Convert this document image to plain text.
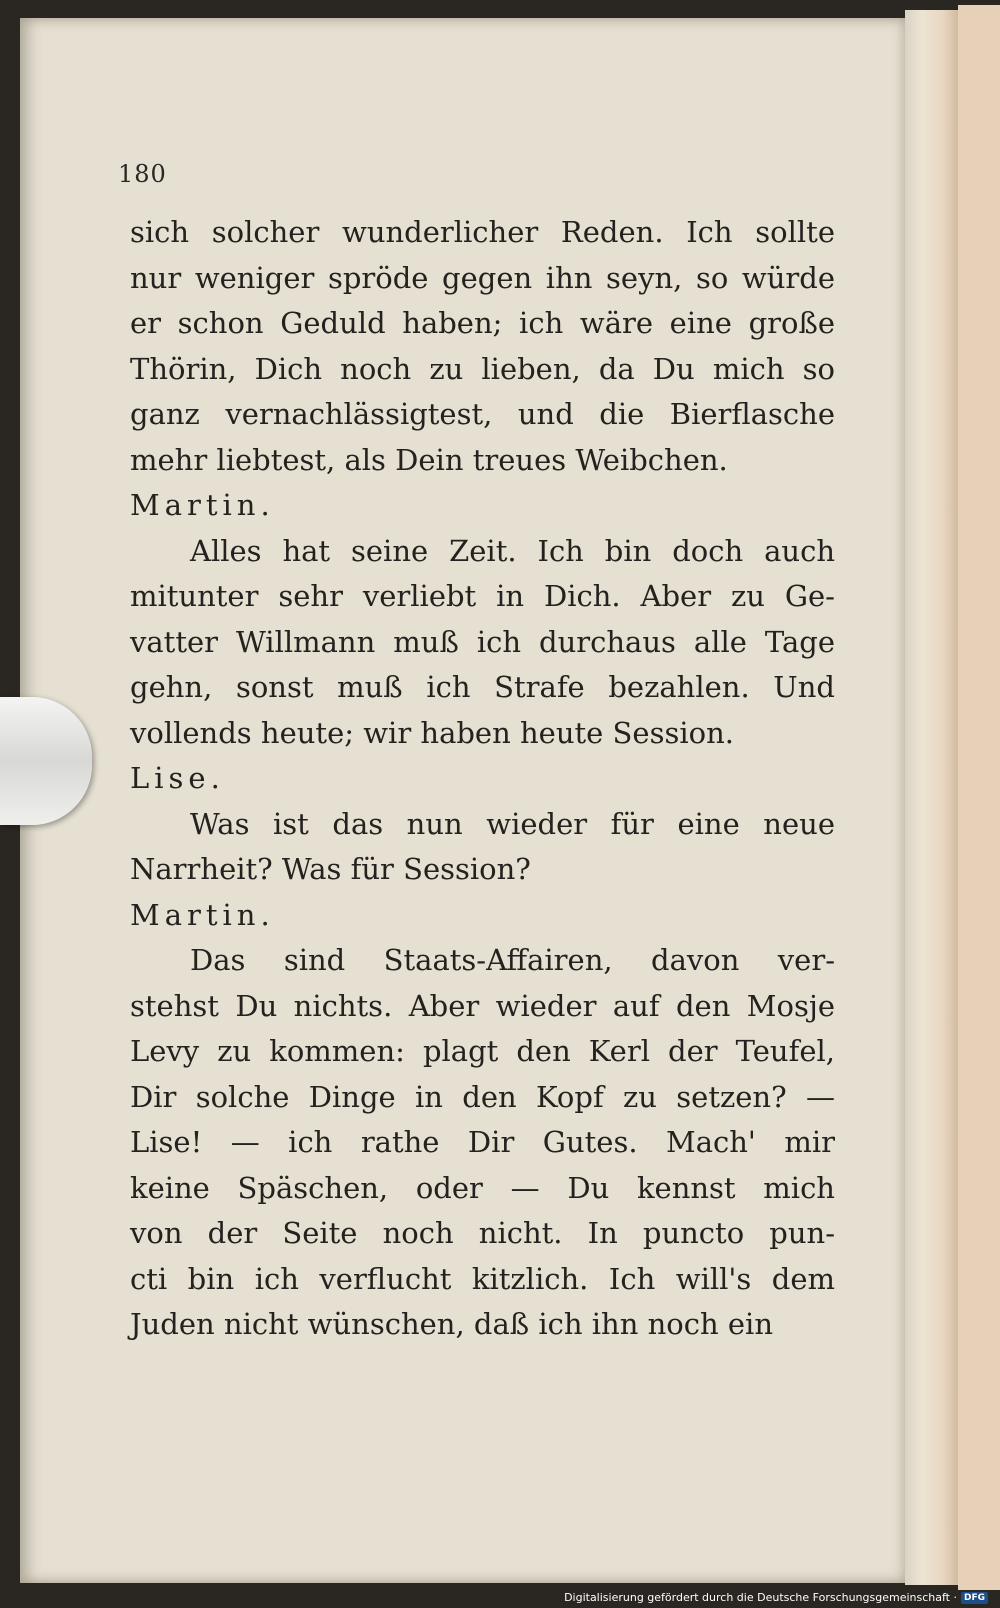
180

sich solcher wunderlicher Reden. Ich sollte

nur weniger spröde gegen ihn seyn, so würde

er schon Geduld haben; ich wäre eine große

Thörin, Dich noch zu lieben, da Du mich so

ganz vernachlässigtest, und die Bierflasche

mehr liebtest, als Dein treues Weibchen.

Martin.

Alles hat seine Zeit. Ich bin doch auch

mitunter sehr verliebt in Dich. Aber zu Ge-

vatter Willmann muß ich durchaus alle Tage

gehn, sonst muß ich Strafe bezahlen. Und

vollends heute; wir haben heute Session.

Lise.

Was ist das nun wieder für eine neue

Narrheit? Was für Session?

Martin.

Das sind Staats-Affairen, davon ver-

stehst Du nichts. Aber wieder auf den Mosje

Levy zu kommen: plagt den Kerl der Teufel,

Dir solche Dinge in den Kopf zu setzen? —

Lise! — ich rathe Dir Gutes. Mach' mir

keine Späschen, oder — Du kennst mich

von der Seite noch nicht. In puncto pun-

cti bin ich verflucht kitzlich. Ich will's dem

Juden nicht wünschen, daß ich ihn noch ein

Digitalisierung gefördert durch die Deutsche Forschungsgemeinschaft · DFG
